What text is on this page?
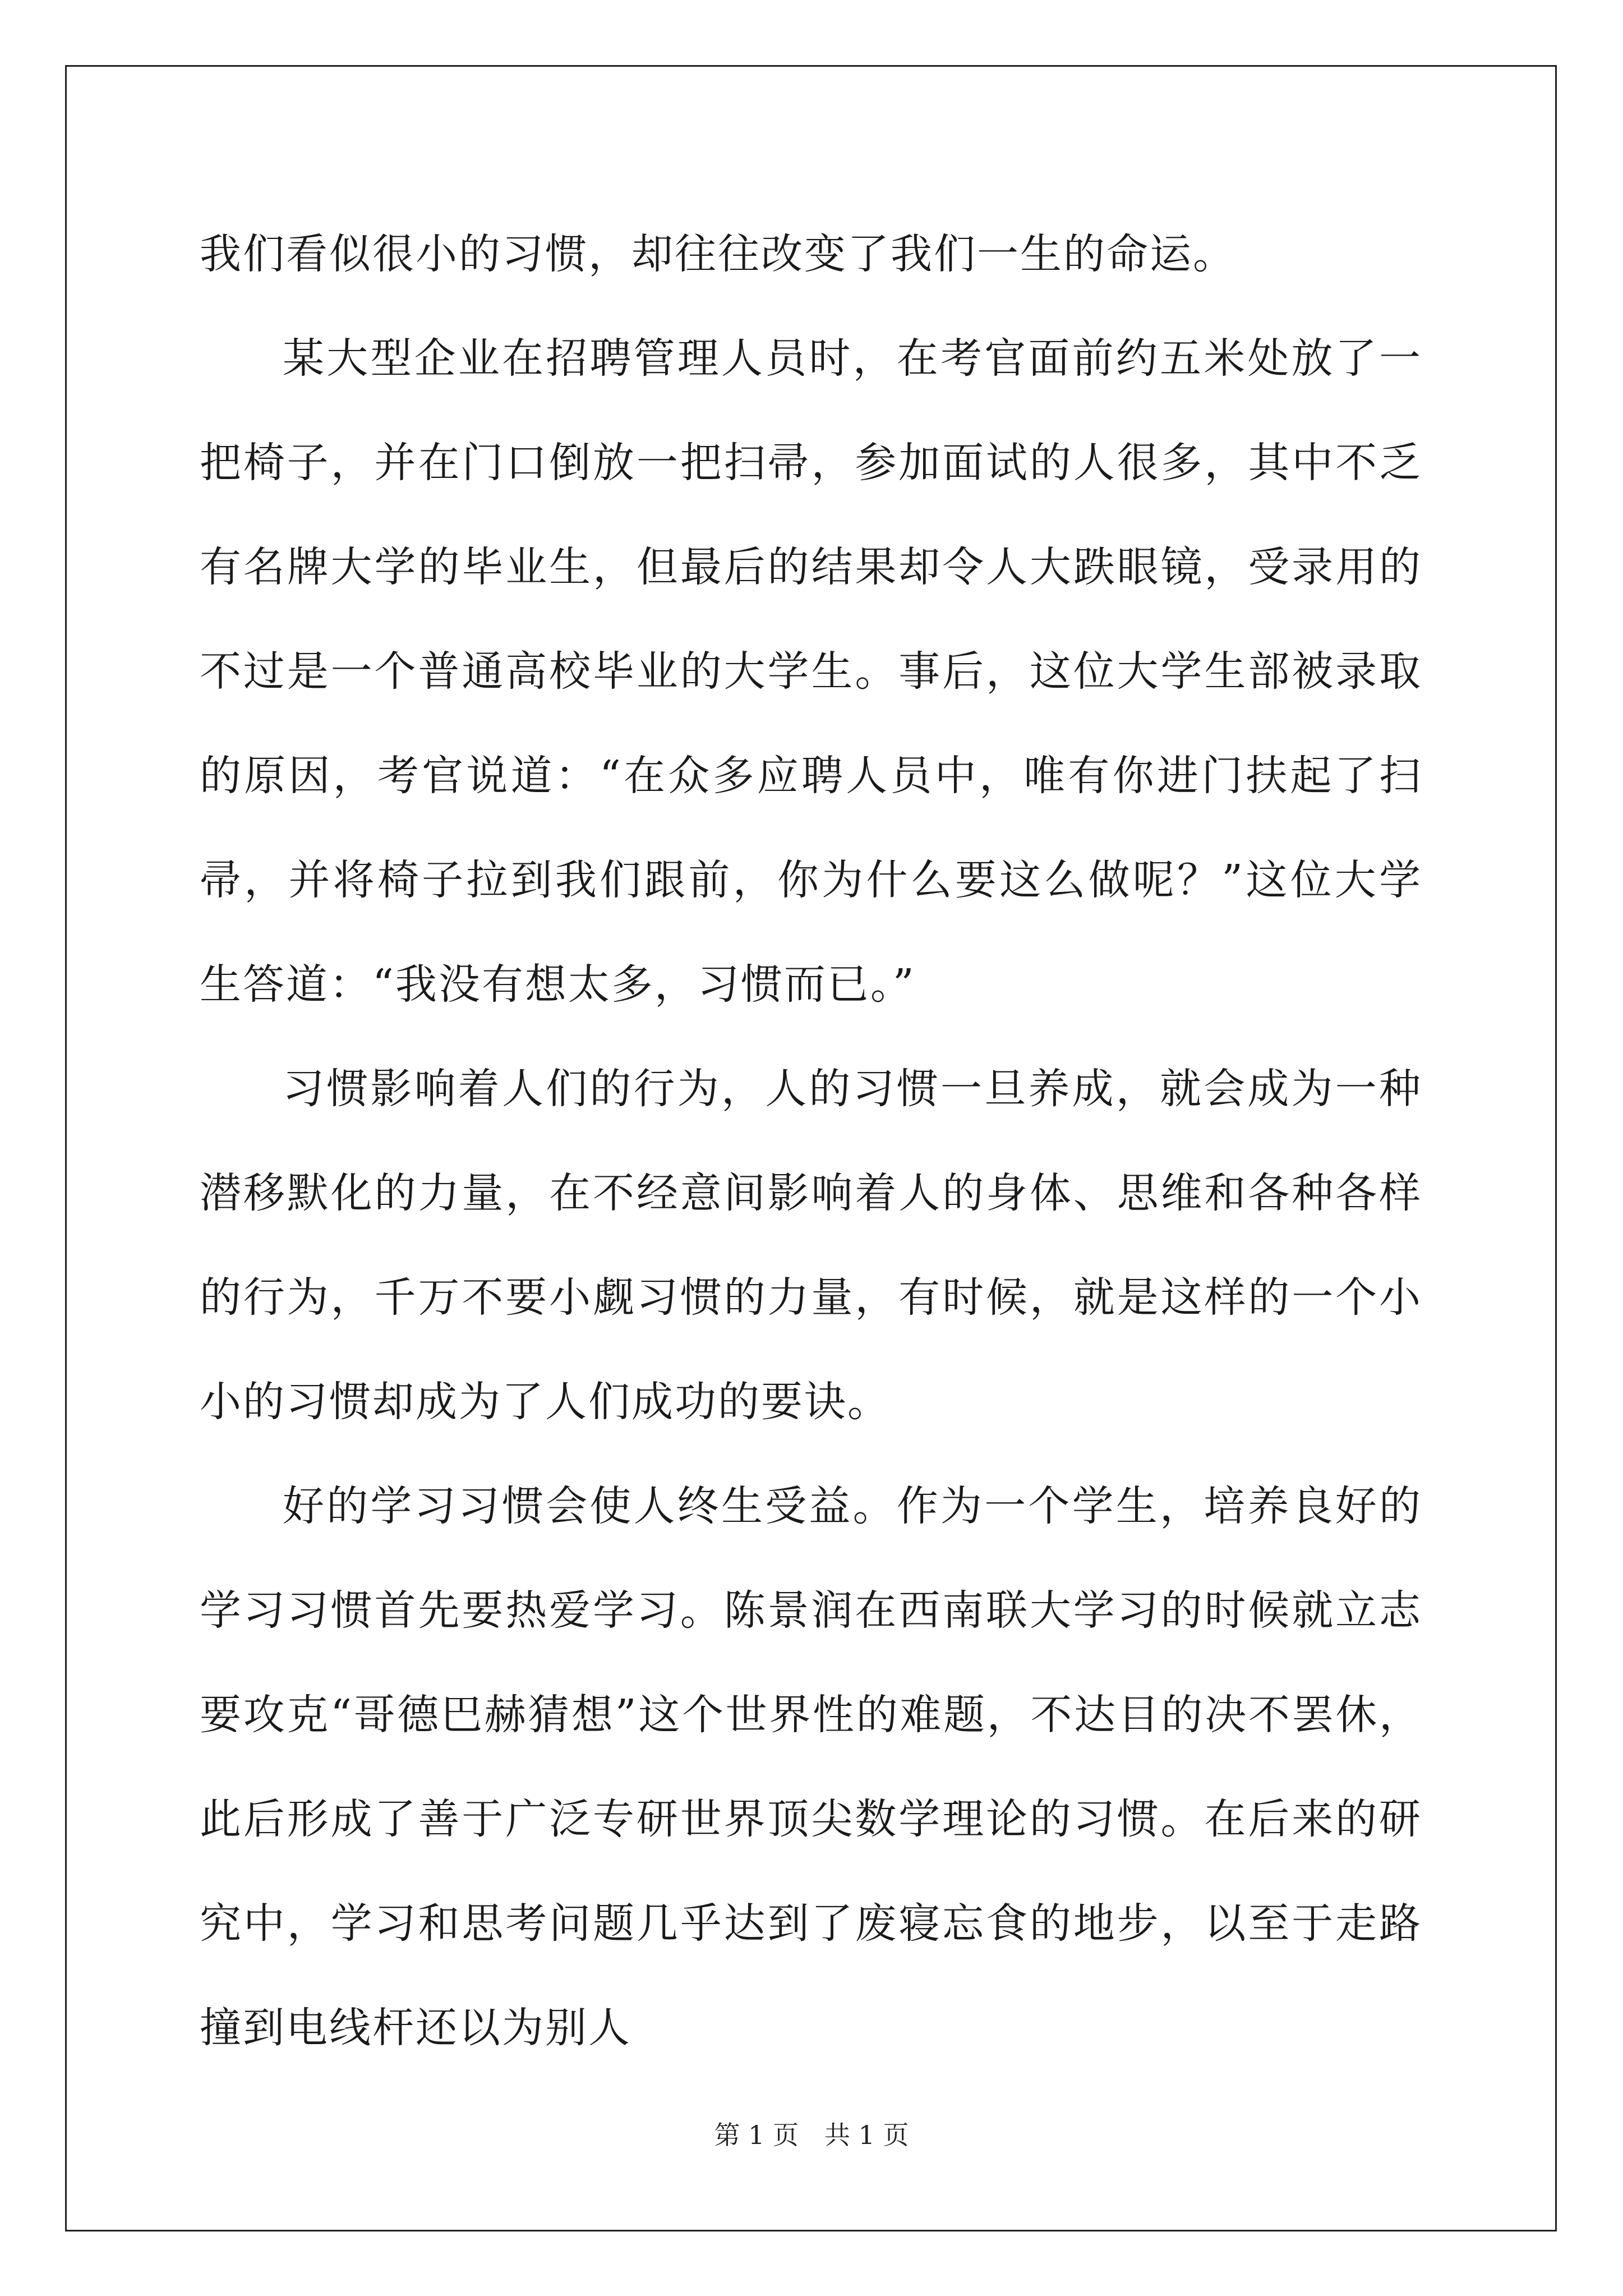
我们看似很小的习惯，却往往改变了我们一生的命运。

某大型企业在招聘管理人员时，在考官面前约五米处放了一把椅子，并在门口倒放一把扫帚，参加面试的人很多，其中不乏有名牌大学的毕业生，但最后的结果却令人大跌眼镜，受录用的不过是一个普通高校毕业的大学生。事后，这位大学生部被录取的原因，考官说道：“在众多应聘人员中，唯有你进门扶起了扫帚，并将椅子拉到我们跟前，你为什么要这么做呢？”这位大学生答道：“我没有想太多，习惯而已。”

习惯影响着人们的行为，人的习惯一旦养成，就会成为一种潜移默化的力量，在不经意间影响着人的身体、思维和各种各样的行为，千万不要小觑习惯的力量，有时候，就是这样的一个小小的习惯却成为了人们成功的要诀。

好的学习习惯会使人终生受益。作为一个学生，培养良好的学习习惯首先要热爱学习。陈景润在西南联大学习的时候就立志要攻克“哥德巴赫猜想”这个世界性的难题，不达目的决不罢休，此后形成了善于广泛专研世界顶尖数学理论的习惯。在后来的研究中，学习和思考问题几乎达到了废寝忘食的地步，以至于走路撞到电线杆还以为别人

第 1 页　共 1 页
